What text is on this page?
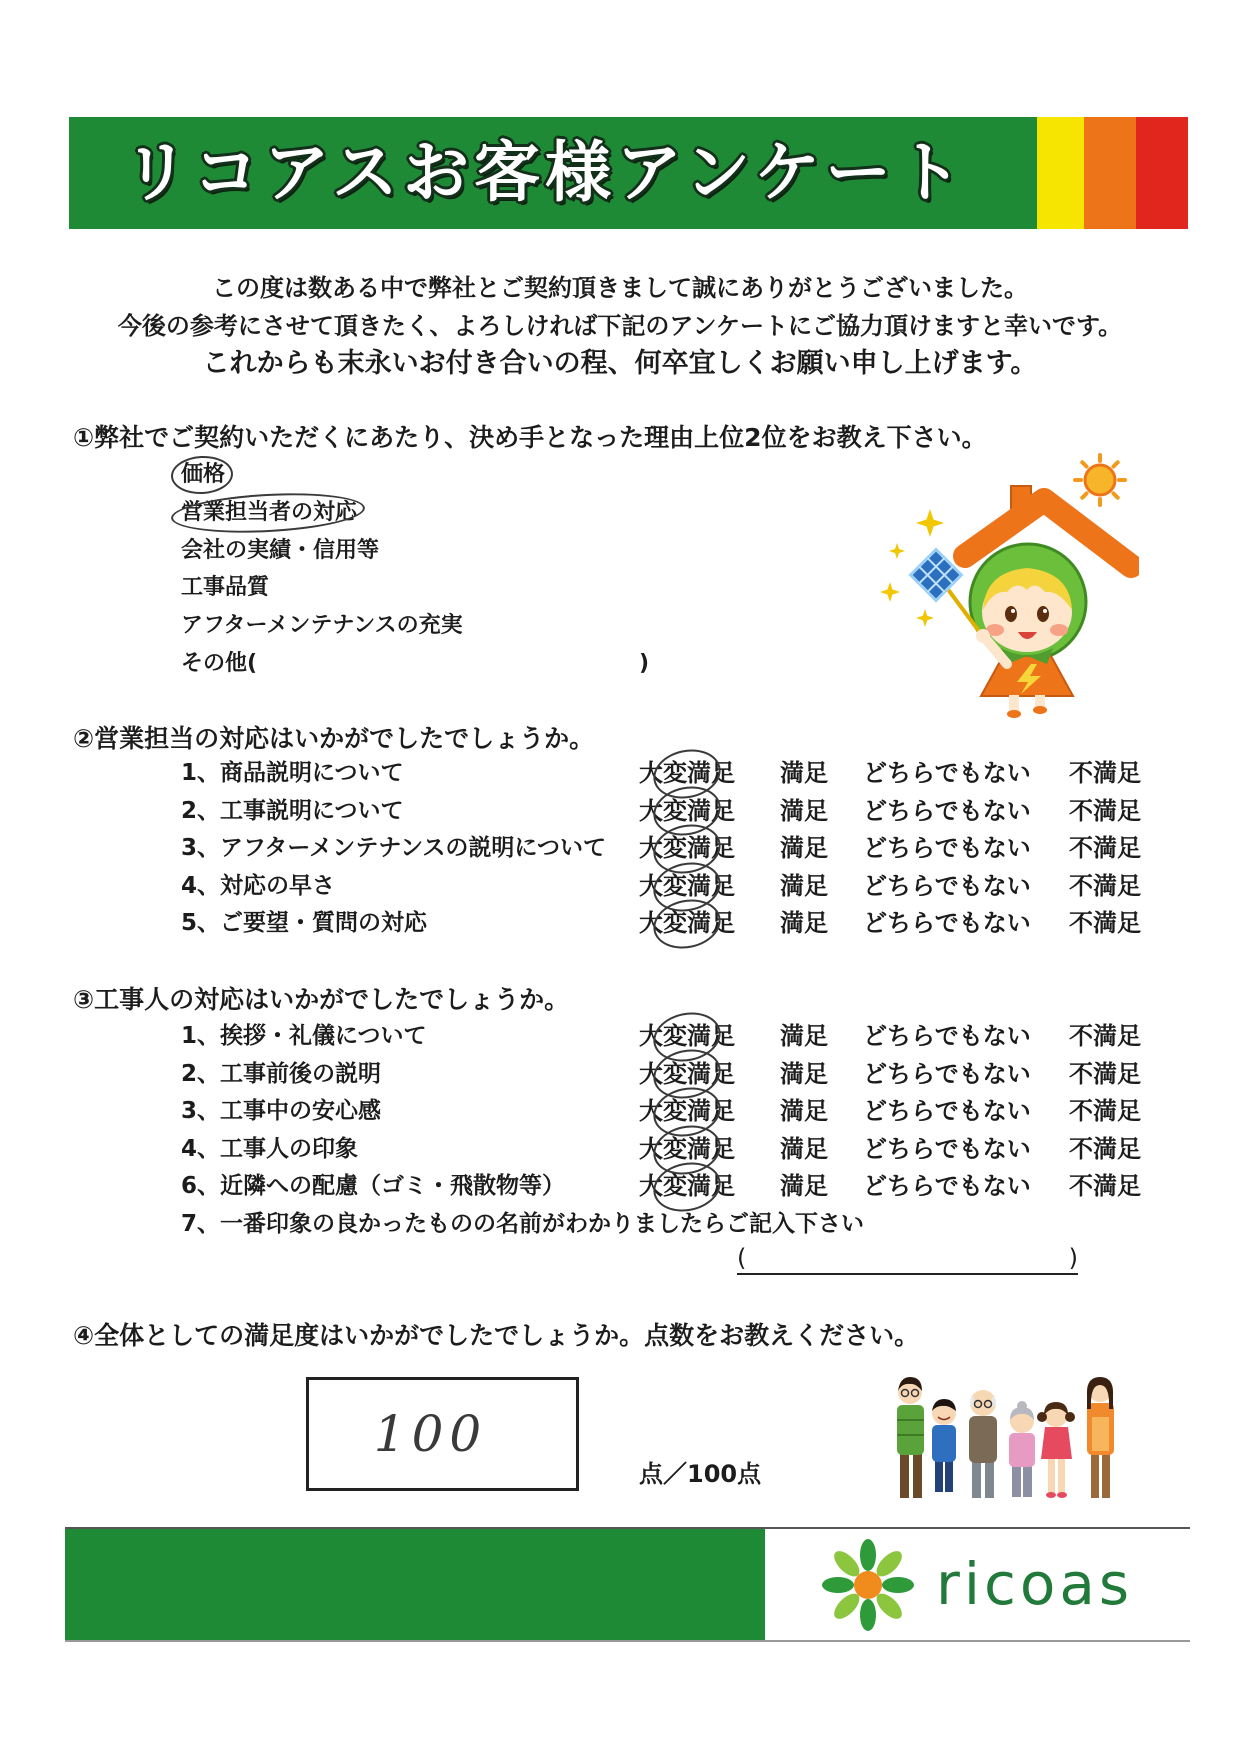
リコアスお客様アンケート

この度は数ある中で弊社とご契約頂きまして誠にありがとうございました。

今後の参考にさせて頂きたく、よろしければ下記のアンケートにご協力頂けますと幸いです。

これからも末永いお付き合いの程、何卒宜しくお願い申し上げます。

①弊社でご契約いただくにあたり、決め手となった理由上位2位をお教え下さい。
価格
営業担当者の対応
会社の実績・信用等
工事品質
アフターメンテナンスの充実
その他(	)
②営業担当の対応はいかがでしたでしょうか。
1、商品説明について	大変満足 満足 どちらでもない 不満足
2、工事説明について	大変満足 満足 どちらでもない 不満足
3、アフターメンテナンスの説明について 大変満足 満足 どちらでもない 不満足
4、対応の早さ	大変満足 満足 どちらでもない 不満足
5、ご要望・質問の対応	大変満足 満足 どちらでもない 不満足
③工事人の対応はいかがでしたでしょうか。
1、挨拶・礼儀について	大変満足 満足 どちらでもない 不満足
2、工事前後の説明	大変満足 満足 どちらでもない 不満足
3、工事中の安心感	大変満足 満足 どちらでもない 不満足
4、工事人の印象	大変満足 満足 どちらでもない 不満足
6、近隣への配慮（ゴミ・飛散物等）	大変満足 満足 どちらでもない 不満足
7、一番印象の良かったものの名前がわかりましたらご記入下さい
(	)
④全体としての満足度はいかがでしたでしょうか。点数をお教えください。
100
点／100点
ricoas
